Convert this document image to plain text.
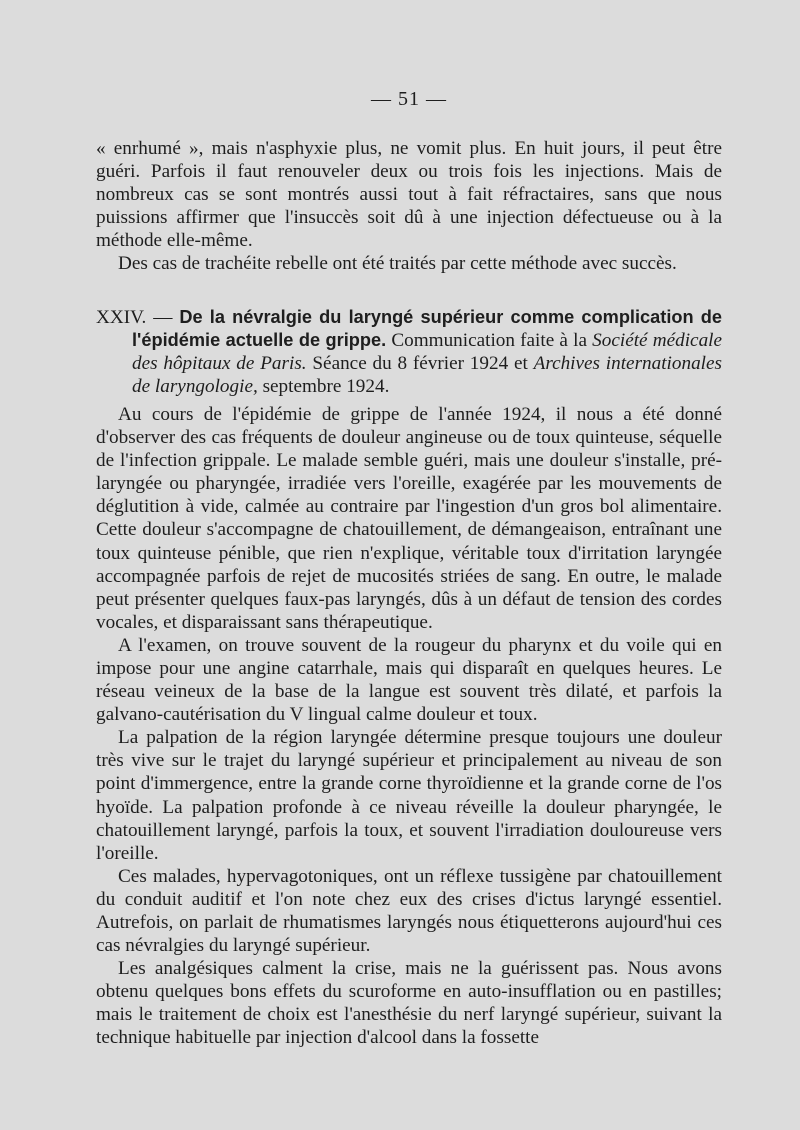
— 51 —

« enrhumé », mais n'asphyxie plus, ne vomit plus. En huit jours, il peut être guéri. Parfois il faut renouveler deux ou trois fois les injections. Mais de nombreux cas se sont montrés aussi tout à fait réfractaires, sans que nous puissions affirmer que l'insuccès soit dû à une injection défectueuse ou à la méthode elle-même.

Des cas de trachéite rebelle ont été traités par cette méthode avec succès.

XXIV. — De la névralgie du laryngé supérieur comme complication de l'épidémie actuelle de grippe. Communication faite à la Société médicale des hôpitaux de Paris. Séance du 8 février 1924 et Archives internationales de laryngologie, septembre 1924.

Au cours de l'épidémie de grippe de l'année 1924, il nous a été donné d'observer des cas fréquents de douleur angineuse ou de toux quinteuse, séquelle de l'infection grippale. Le malade semble guéri, mais une douleur s'installe, pré-laryngée ou pharyngée, irradiée vers l'oreille, exagérée par les mouvements de déglutition à vide, calmée au contraire par l'ingestion d'un gros bol alimentaire. Cette douleur s'accompagne de chatouillement, de démangeaison, entraînant une toux quinteuse pénible, que rien n'explique, véritable toux d'irritation laryngée accompagnée parfois de rejet de mucosités striées de sang. En outre, le malade peut présenter quelques faux-pas laryngés, dûs à un défaut de tension des cordes vocales, et disparaissant sans thérapeutique.

A l'examen, on trouve souvent de la rougeur du pharynx et du voile qui en impose pour une angine catarrhale, mais qui disparaît en quelques heures. Le réseau veineux de la base de la langue est souvent très dilaté, et parfois la galvano-cautérisation du V lingual calme douleur et toux.

La palpation de la région laryngée détermine presque toujours une douleur très vive sur le trajet du laryngé supérieur et principalement au niveau de son point d'immergence, entre la grande corne thyroïdienne et la grande corne de l'os hyoïde. La palpation profonde à ce niveau réveille la douleur pharyngée, le chatouillement laryngé, parfois la toux, et souvent l'irradiation douloureuse vers l'oreille.

Ces malades, hypervagotoniques, ont un réflexe tussigène par chatouillement du conduit auditif et l'on note chez eux des crises d'ictus laryngé essentiel. Autrefois, on parlait de rhumatismes laryngés nous étiquetterons aujourd'hui ces cas névralgies du laryngé supérieur.

Les analgésiques calment la crise, mais ne la guérissent pas. Nous avons obtenu quelques bons effets du scuroforme en auto-insufflation ou en pastilles; mais le traitement de choix est l'anesthésie du nerf laryngé supérieur, suivant la technique habituelle par injection d'alcool dans la fossette
